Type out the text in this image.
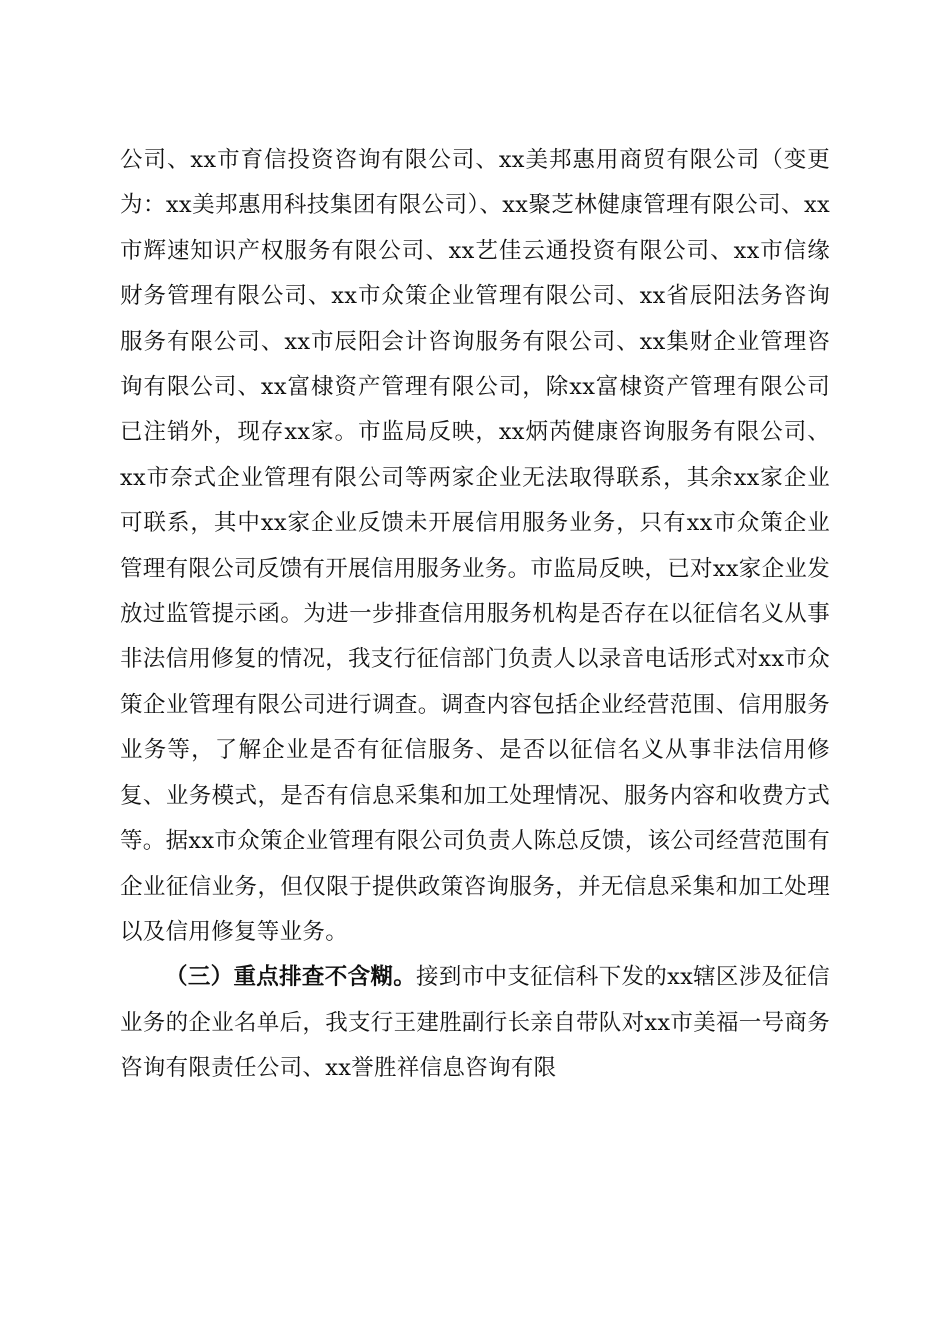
公司、xx市育信投资咨询有限公司、xx美邦惠用商贸有限公司（变更为：xx美邦惠用科技集团有限公司）、xx聚芝林健康管理有限公司、xx市辉速知识产权服务有限公司、xx艺佳云通投资有限公司、xx市信缘财务管理有限公司、xx市众策企业管理有限公司、xx省辰阳法务咨询服务有限公司、xx市辰阳会计咨询服务有限公司、xx集财企业管理咨询有限公司、xx富棣资产管理有限公司，除xx富棣资产管理有限公司已注销外，现存xx家。市监局反映，xx炳芮健康咨询服务有限公司、xx市奈式企业管理有限公司等两家企业无法取得联系，其余xx家企业可联系，其中xx家企业反馈未开展信用服务业务，只有xx市众策企业管理有限公司反馈有开展信用服务业务。市监局反映，已对xx家企业发放过监管提示函。为进一步排查信用服务机构是否存在以征信名义从事非法信用修复的情况，我支行征信部门负责人以录音电话形式对xx市众策企业管理有限公司进行调查。调查内容包括企业经营范围、信用服务业务等，了解企业是否有征信服务、是否以征信名义从事非法信用修复、业务模式，是否有信息采集和加工处理情况、服务内容和收费方式等。据xx市众策企业管理有限公司负责人陈总反馈，该公司经营范围有企业征信业务，但仅限于提供政策咨询服务，并无信息采集和加工处理以及信用修复等业务。

（三）重点排查不含糊。接到市中支征信科下发的xx辖区涉及征信业务的企业名单后，我支行王建胜副行长亲自带队对xx市美福一号商务咨询有限责任公司、xx誉胜祥信息咨询有限
